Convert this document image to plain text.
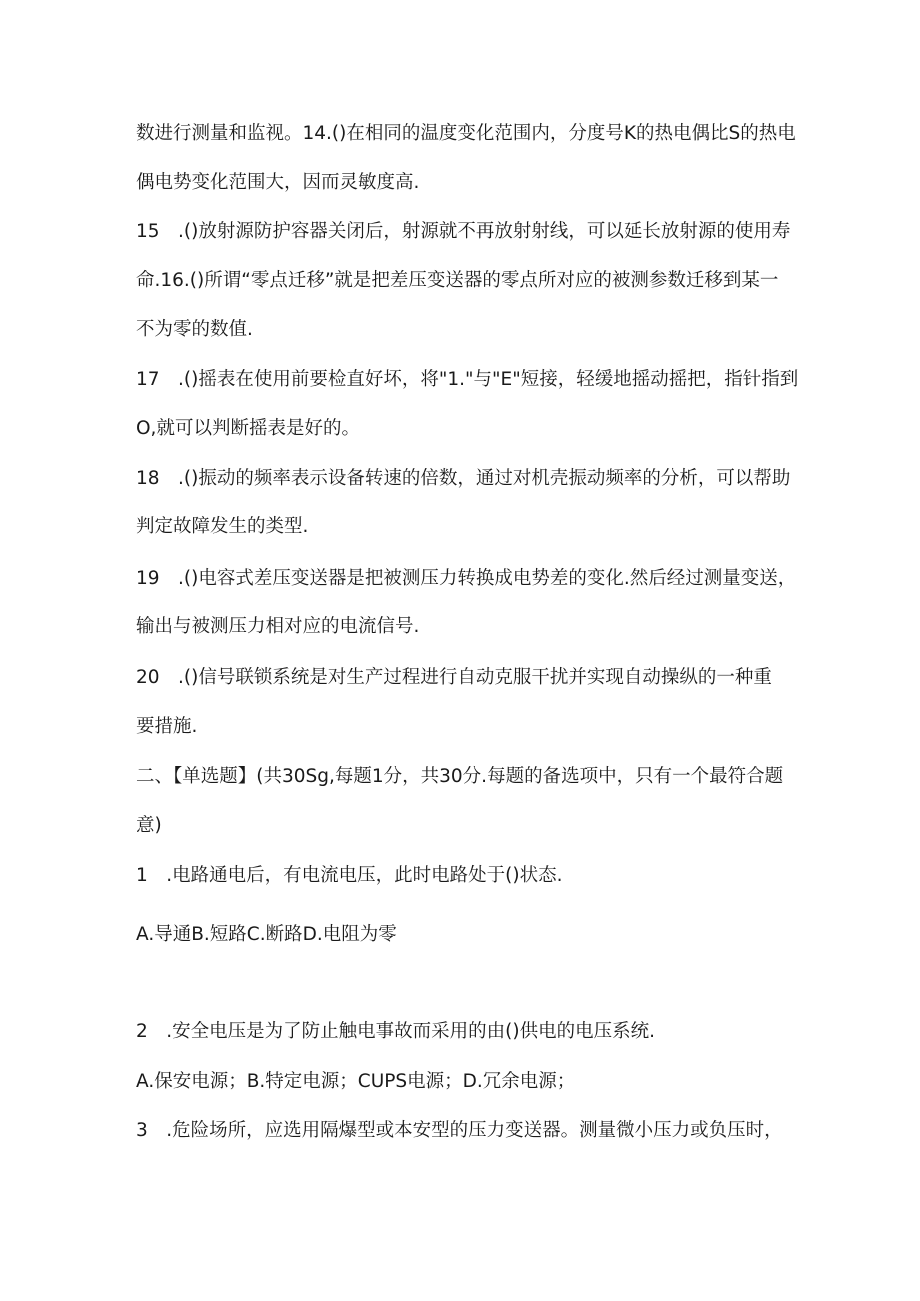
数进行测量和监视。14.()在相同的温度变化范围内，分度号K的热电偶比S的热电
偶电势变化范围大，因而灵敏度高.
15　.()放射源防护容器关闭后，射源就不再放射射线，可以延长放射源的使用寿
命.16.()所谓“零点迁移”就是把差压变送器的零点所对应的被测参数迁移到某一
不为零的数值.
17　.()摇表在使用前要检直好坏，将"1."与"E"短接，轻缓地摇动摇把，指针指到
O,就可以判断摇表是好的。
18　.()振动的频率表示设备转速的倍数，通过对机壳振动频率的分析，可以帮助
判定故障发生的类型.
19　.()电容式差压变送器是把被测压力转换成电势差的变化.然后经过测量变送，
输出与被测压力相对应的电流信号.
20　.()信号联锁系统是对生产过程进行自动克服干扰并实现自动操纵的一种重
要措施.
二、【单选题】(共30Sg,每题1分，共30分.每题的备选项中，只有一个最符合题
意)
1　.电路通电后，有电流电压，此时电路处于()状态.
A.导通B.短路C.断路D.电阻为零
2　.安全电压是为了防止触电事故而采用的由()供电的电压系统.
A.保安电源；B.特定电源；CUPS电源；D.冗余电源；
3　.危险场所，应选用隔爆型或本安型的压力变送器。测量微小压力或负压时，
